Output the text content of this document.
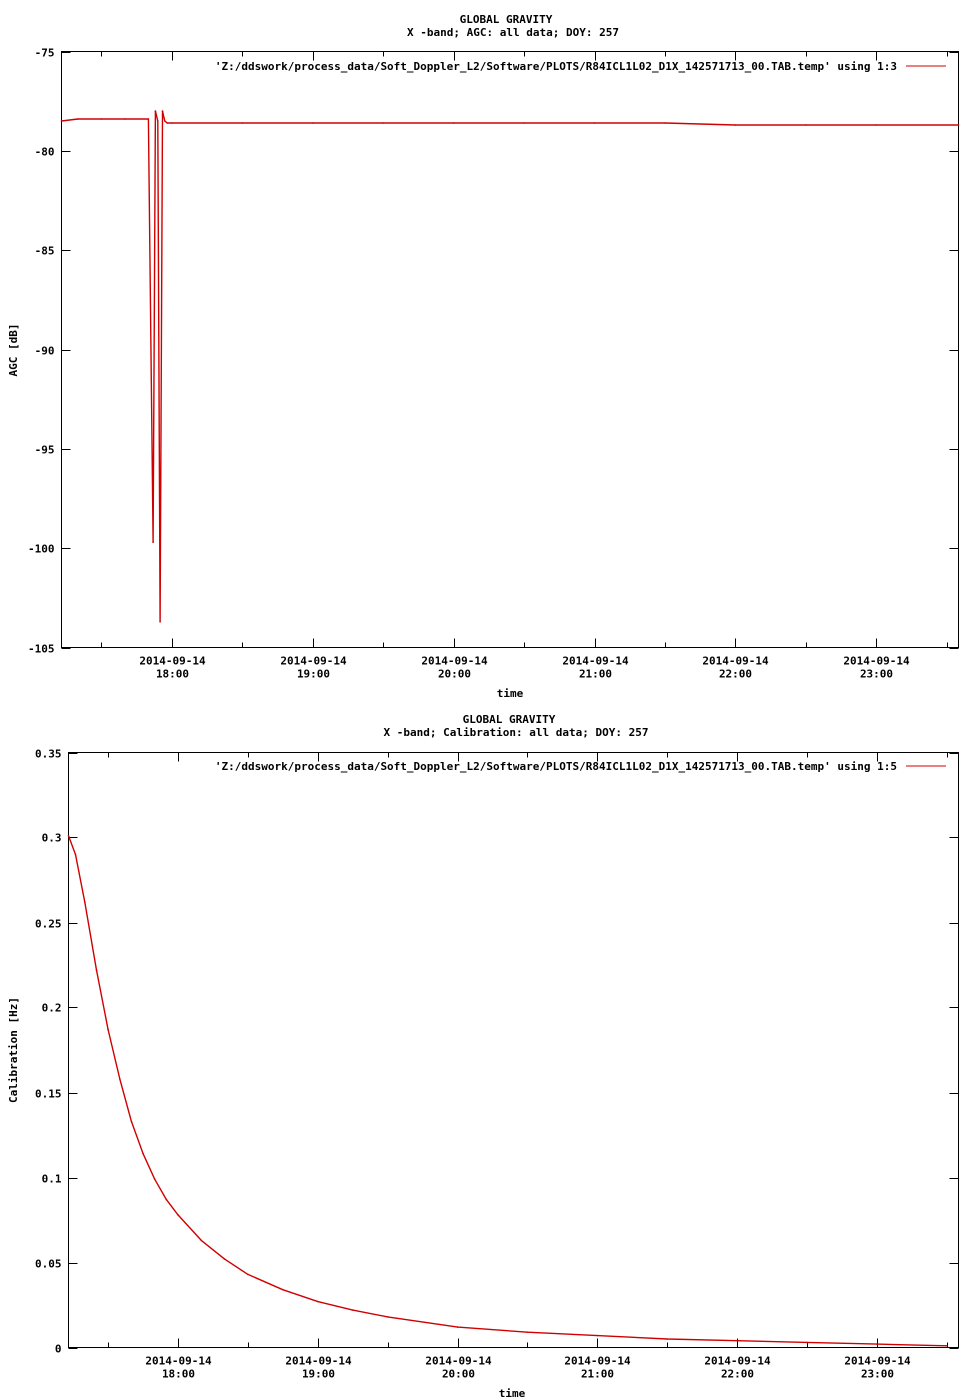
GLOBAL GRAVITY
X -band; AGC: all data; DOY: 257
-75
-80
-85
-90
-95
-100
-105
2014-09-14
18:00
2014-09-14
19:00
2014-09-14
20:00
2014-09-14
21:00
2014-09-14
22:00
2014-09-14
23:00
AGC [dB]
time
'Z:/ddswork/process_data/Soft_Doppler_L2/Software/PLOTS/R84ICL1L02_D1X_142571713_00.TAB.temp' using 1:3
GLOBAL GRAVITY
X -band; Calibration: all data; DOY: 257
0.35
0.3
0.25
0.2
0.15
0.1
0.05
0
2014-09-14
18:00
2014-09-14
19:00
2014-09-14
20:00
2014-09-14
21:00
2014-09-14
22:00
2014-09-14
23:00
Calibration [Hz]
time
'Z:/ddswork/process_data/Soft_Doppler_L2/Software/PLOTS/R84ICL1L02_D1X_142571713_00.TAB.temp' using 1:5
